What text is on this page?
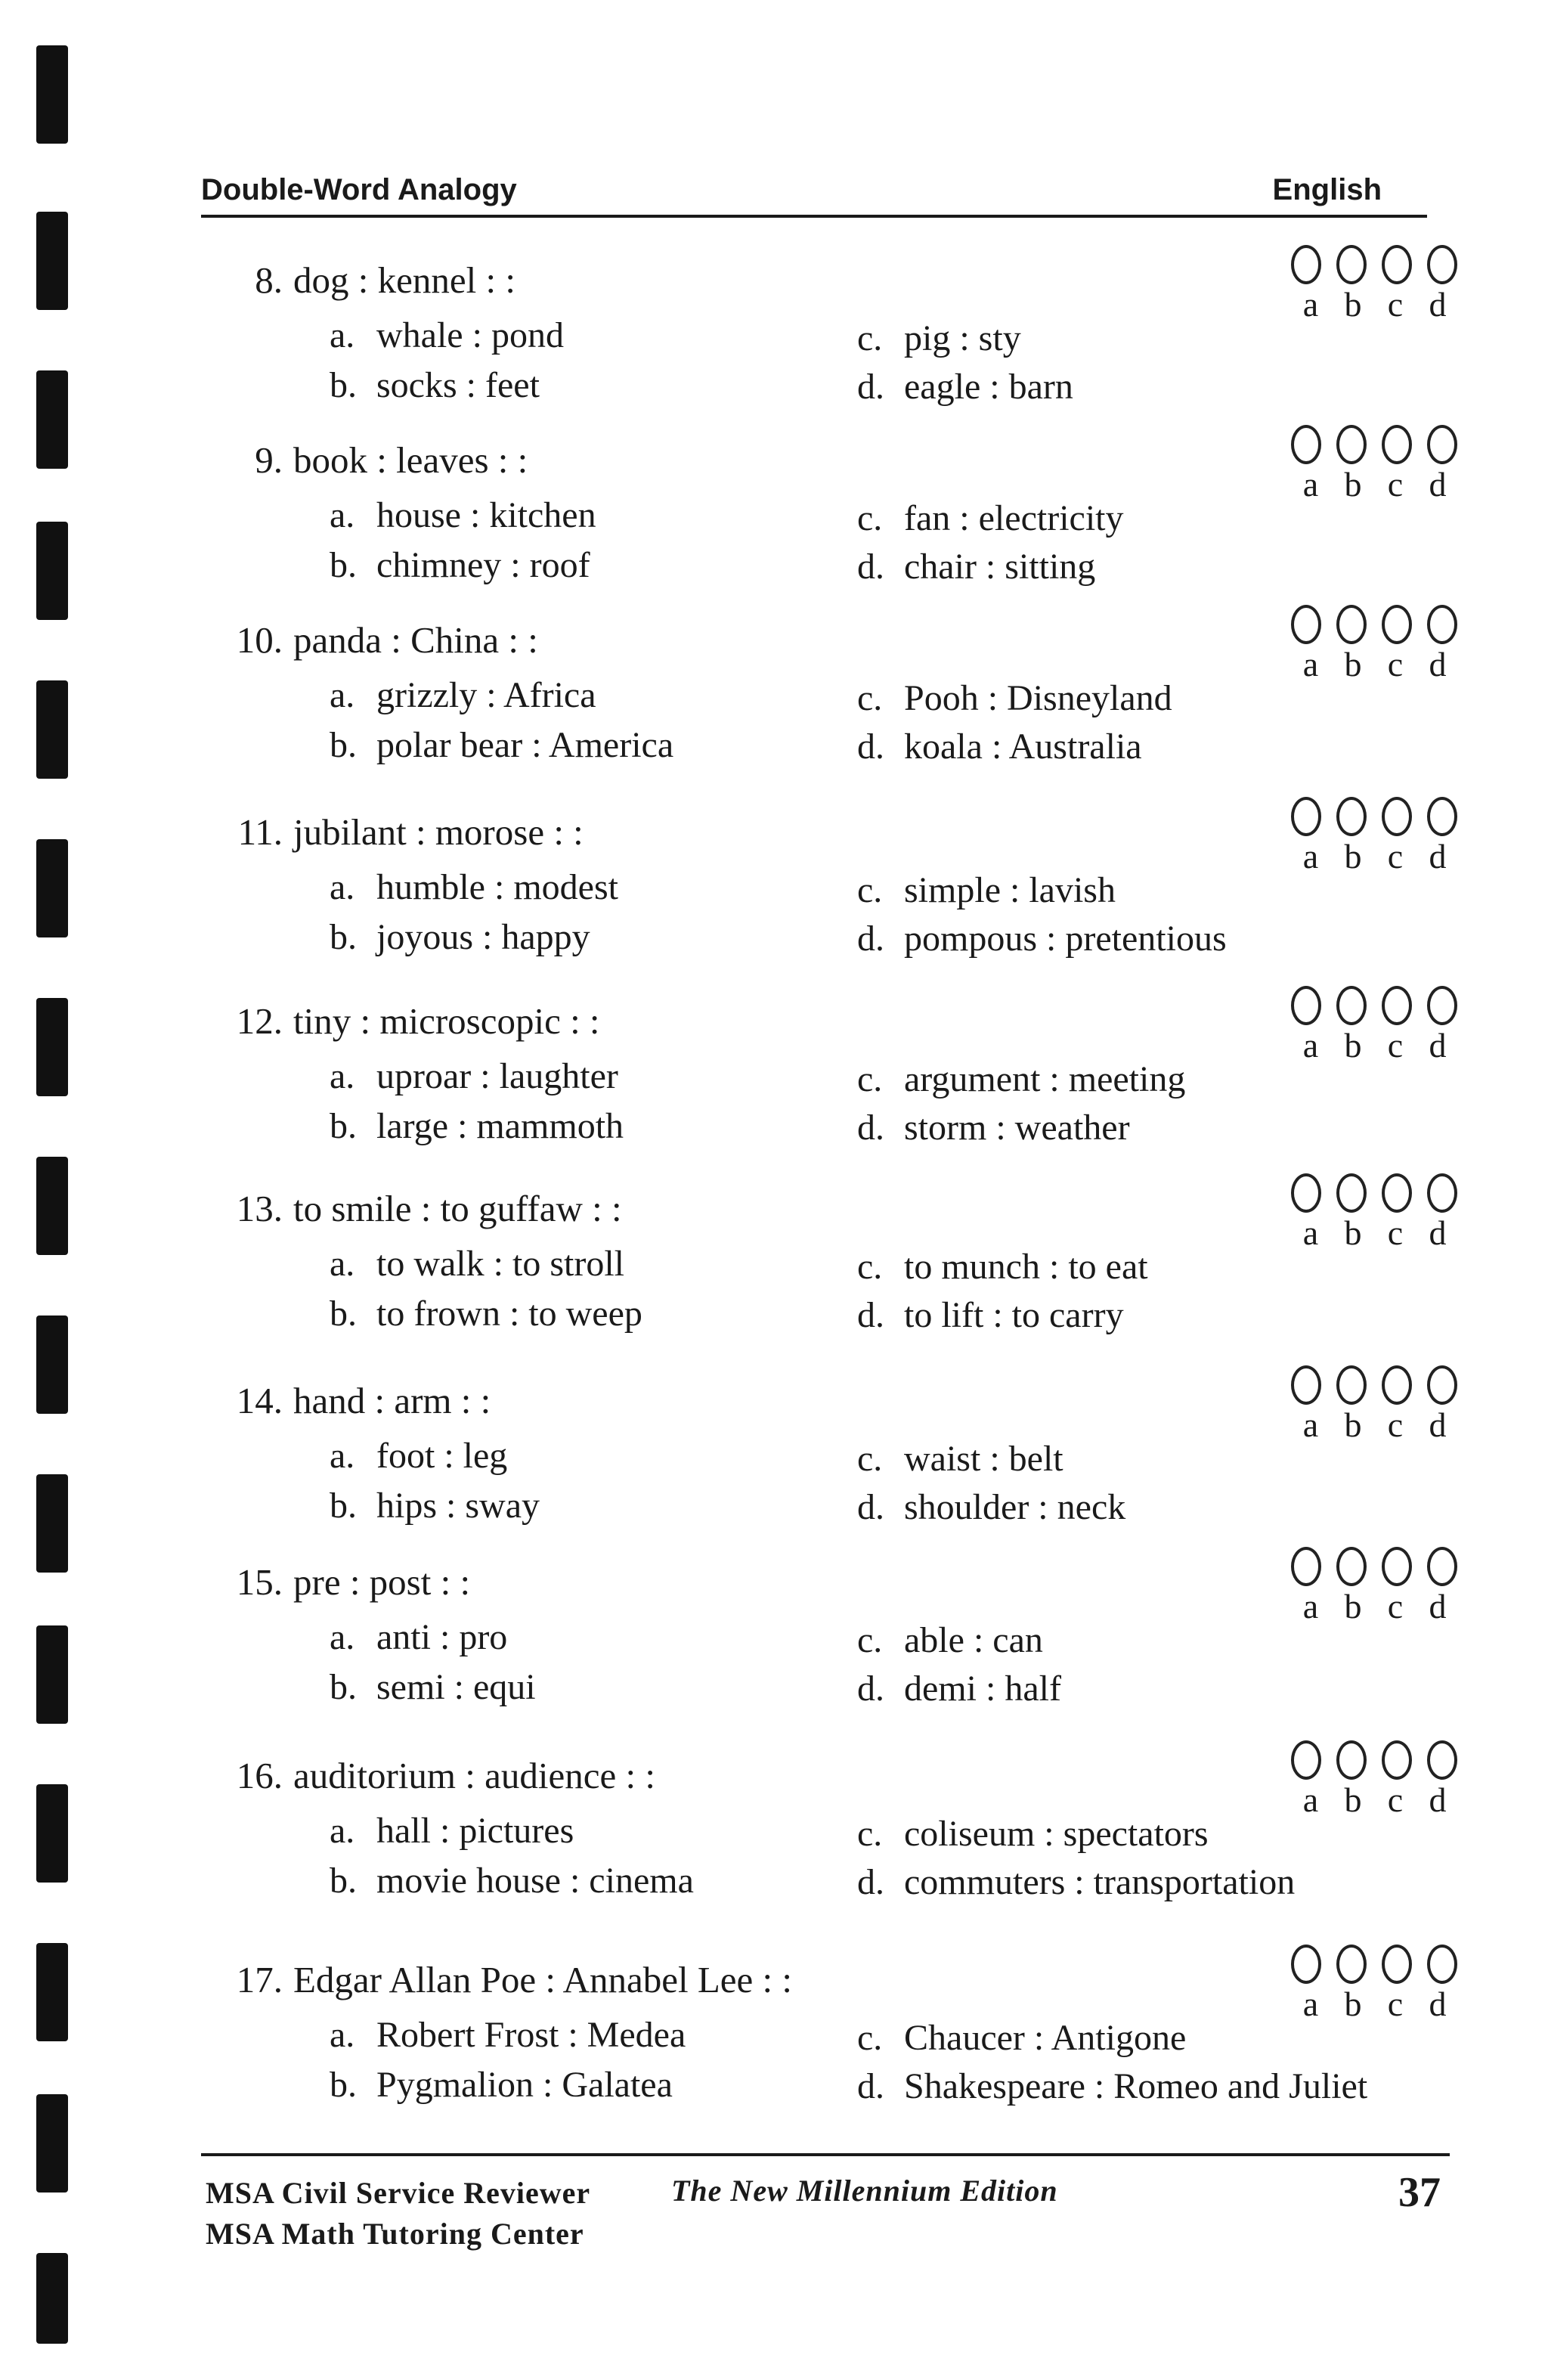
Double-Word Analogy	English
8. dog : kennel : :
a. whale : pond
b. socks : feet
c. pig : sty
d. eagle : barn
a b c d
9. book : leaves : :
a. house : kitchen
b. chimney : roof
c. fan : electricity
d. chair : sitting
a b c d
10. panda : China : :
a. grizzly : Africa
b. polar bear : America
c. Pooh : Disneyland
d. koala : Australia
a b c d
11. jubilant : morose : :
a. humble : modest
b. joyous : happy
c. simple : lavish
d. pompous : pretentious
a b c d
12. tiny : microscopic : :
a. uproar : laughter
b. large : mammoth
c. argument : meeting
d. storm : weather
a b c d
13. to smile : to guffaw : :
a. to walk : to stroll
b. to frown : to weep
c. to munch : to eat
d. to lift : to carry
a b c d
14. hand : arm : :
a. foot : leg
b. hips : sway
c. waist : belt
d. shoulder : neck
a b c d
15. pre : post : :
a. anti : pro
b. semi : equi
c. able : can
d. demi : half
a b c d
16. auditorium : audience : :
a. hall : pictures
b. movie house : cinema
c. coliseum : spectators
d. commuters : transportation
a b c d
17. Edgar Allan Poe : Annabel Lee : :
a. Robert Frost : Medea
b. Pygmalion : Galatea
c. Chaucer : Antigone
d. Shakespeare : Romeo and Juliet
a b c d
MSA Civil Service Reviewer
MSA Math Tutoring Center
The New Millennium Edition	37
